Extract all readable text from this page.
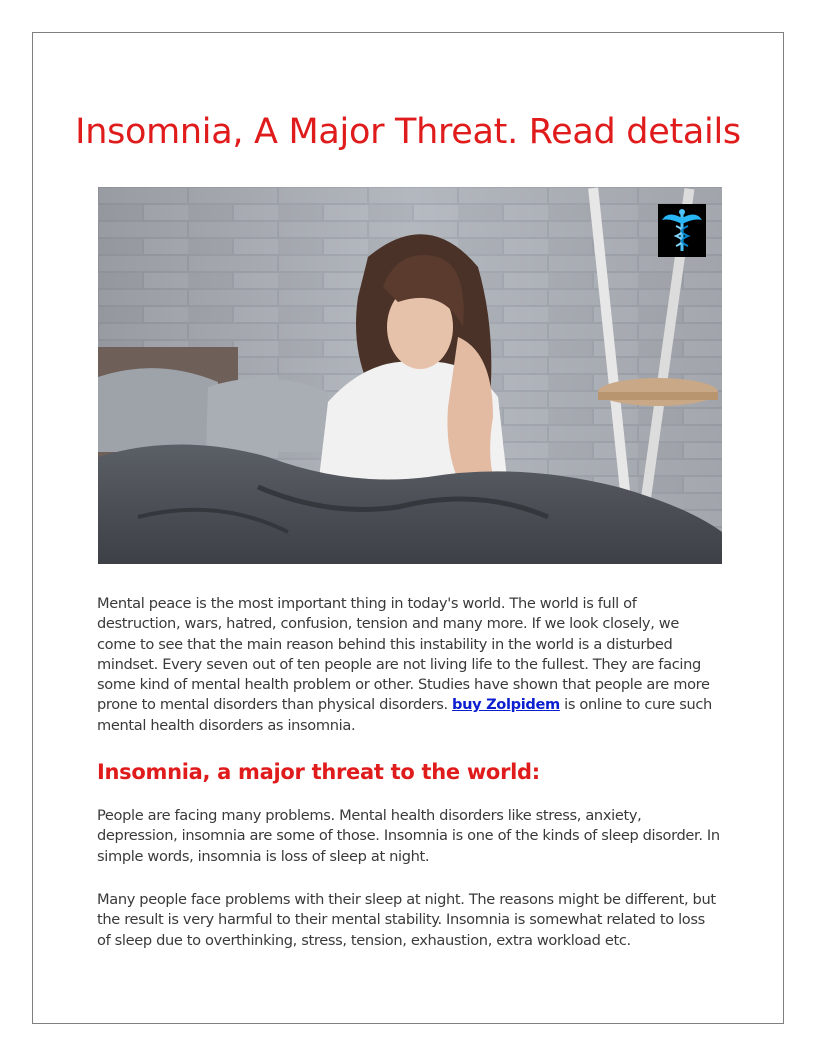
Insomnia, A Major Threat. Read details

Mental peace is the most important thing in today's world. The world is full of destruction, wars, hatred, confusion, tension and many more. If we look closely, we come to see that the main reason behind this instability in the world is a disturbed mindset. Every seven out of ten people are not living life to the fullest. They are facing some kind of mental health problem or other. Studies have shown that people are more prone to mental disorders than physical disorders. buy Zolpidem is online to cure such mental health disorders as insomnia.

Insomnia, a major threat to the world:

People are facing many problems. Mental health disorders like stress, anxiety, depression, insomnia are some of those. Insomnia is one of the kinds of sleep disorder. In simple words, insomnia is loss of sleep at night.

Many people face problems with their sleep at night. The reasons might be different, but the result is very harmful to their mental stability. Insomnia is somewhat related to loss of sleep due to overthinking, stress, tension, exhaustion, extra workload etc.
